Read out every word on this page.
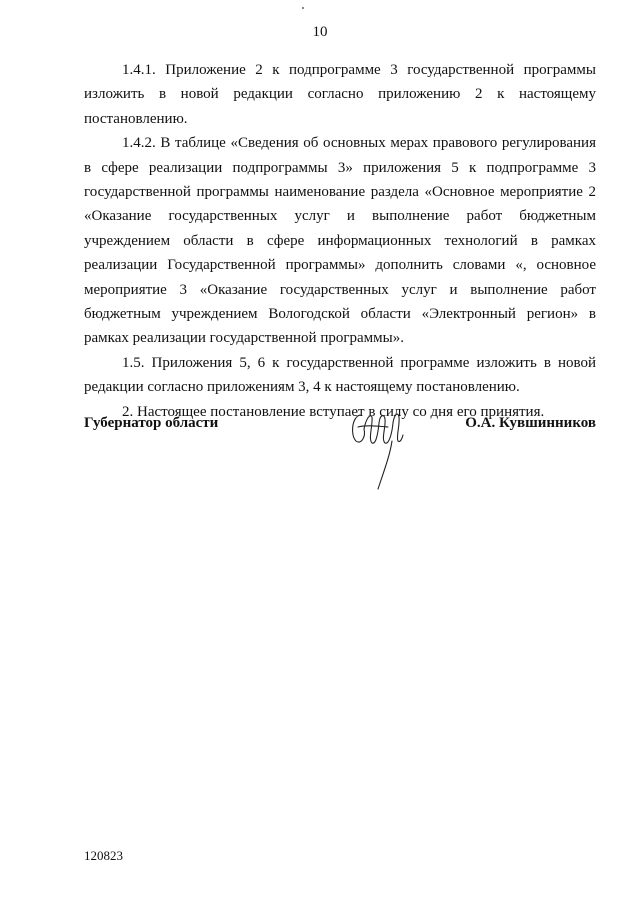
10

1.4.1. Приложение 2 к подпрограмме 3 государственной программы изложить в новой редакции согласно приложению 2 к настоящему постановлению.

1.4.2. В таблице «Сведения об основных мерах правового регулирования в сфере реализации подпрограммы 3» приложения 5 к подпрограмме 3 государственной программы наименование раздела «Основное мероприятие 2 «Оказание государственных услуг и выполнение работ бюджетным учреждением области в сфере информационных технологий в рамках реализации Государственной программы» дополнить словами «, основное мероприятие 3 «Оказание государственных услуг и выполнение работ бюджетным учреждением Вологодской области «Электронный регион» в рамках реализации государственной программы».

1.5. Приложения 5, 6 к государственной программе изложить в новой редакции согласно приложениям 3, 4 к настоящему постановлению.

2. Настоящее постановление вступает в силу со дня его принятия.

Губернатор области	О.А. Кувшинников
120823
